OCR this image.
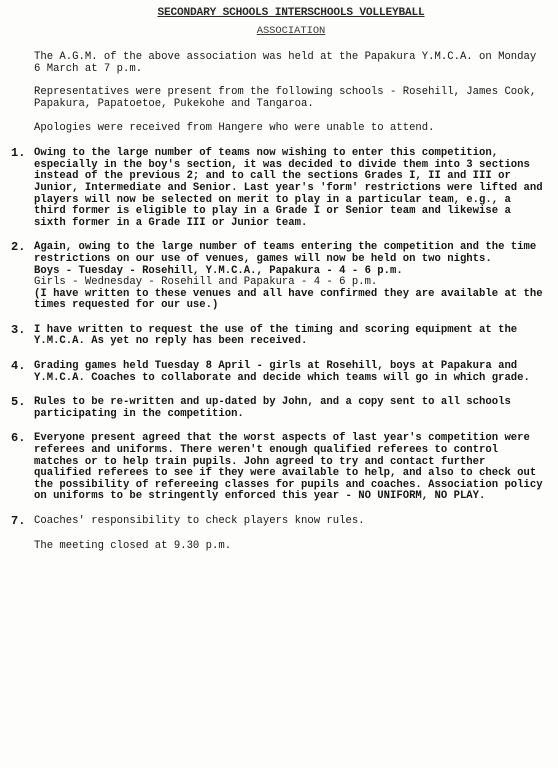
SECONDARY SCHOOLS INTERSCHOOLS VOLLEYBALL
ASSOCIATION

The A.G.M. of the above association was held at the Papakura Y.M.C.A. on Monday 6 March at 7 p.m.

Representatives were present from the following schools - Rosehill, James Cook, Papakura, Papatoetoe, Pukekohe and Tangaroa.

Apologies were received from Hangere who were unable to attend.

1. Owing to the large number of teams now wishing to enter this competition, especially in the boy's section, it was decided to divide them into 3 sections instead of the previous 2; and to call the sections Grades I, II and III or Junior, Intermediate and Senior. Last year's 'form' restrictions were lifted and players will now be selected on merit to play in a particular team, e.g., a third former is eligible to play in a Grade I or Senior team and likewise a sixth former in a Grade III or Junior team.

2. Again, owing to the large number of teams entering the competition and the time restrictions on our use of venues, games will now be held on two nights.

Boys - Tuesday - Rosehill, Y.M.C.A., Papakura - 4 - 6 p.m.

Girls - Wednesday - Rosehill and Papakura - 4 - 6 p.m.

(I have written to these venues and all have confirmed they are available at the times requested for our use.)

3. I have written to request the use of the timing and scoring equipment at the Y.M.C.A. As yet no reply has been received.

4. Grading games held Tuesday 8 April - girls at Rosehill, boys at Papakura and Y.M.C.A. Coaches to collaborate and decide which teams will go in which grade.

5. Rules to be re-written and up-dated by John, and a copy sent to all schools participating in the competition.

6. Everyone present agreed that the worst aspects of last year's competition were referees and uniforms. There weren't enough qualified referees to control matches or to help train pupils. John agreed to try and contact further qualified referees to see if they were available to help, and also to check out the possibility of refereeing classes for pupils and coaches. Association policy on uniforms to be stringently enforced this year - NO UNIFORM, NO PLAY.

7. Coaches' responsibility to check players know rules.

The meeting closed at 9.30 p.m.
